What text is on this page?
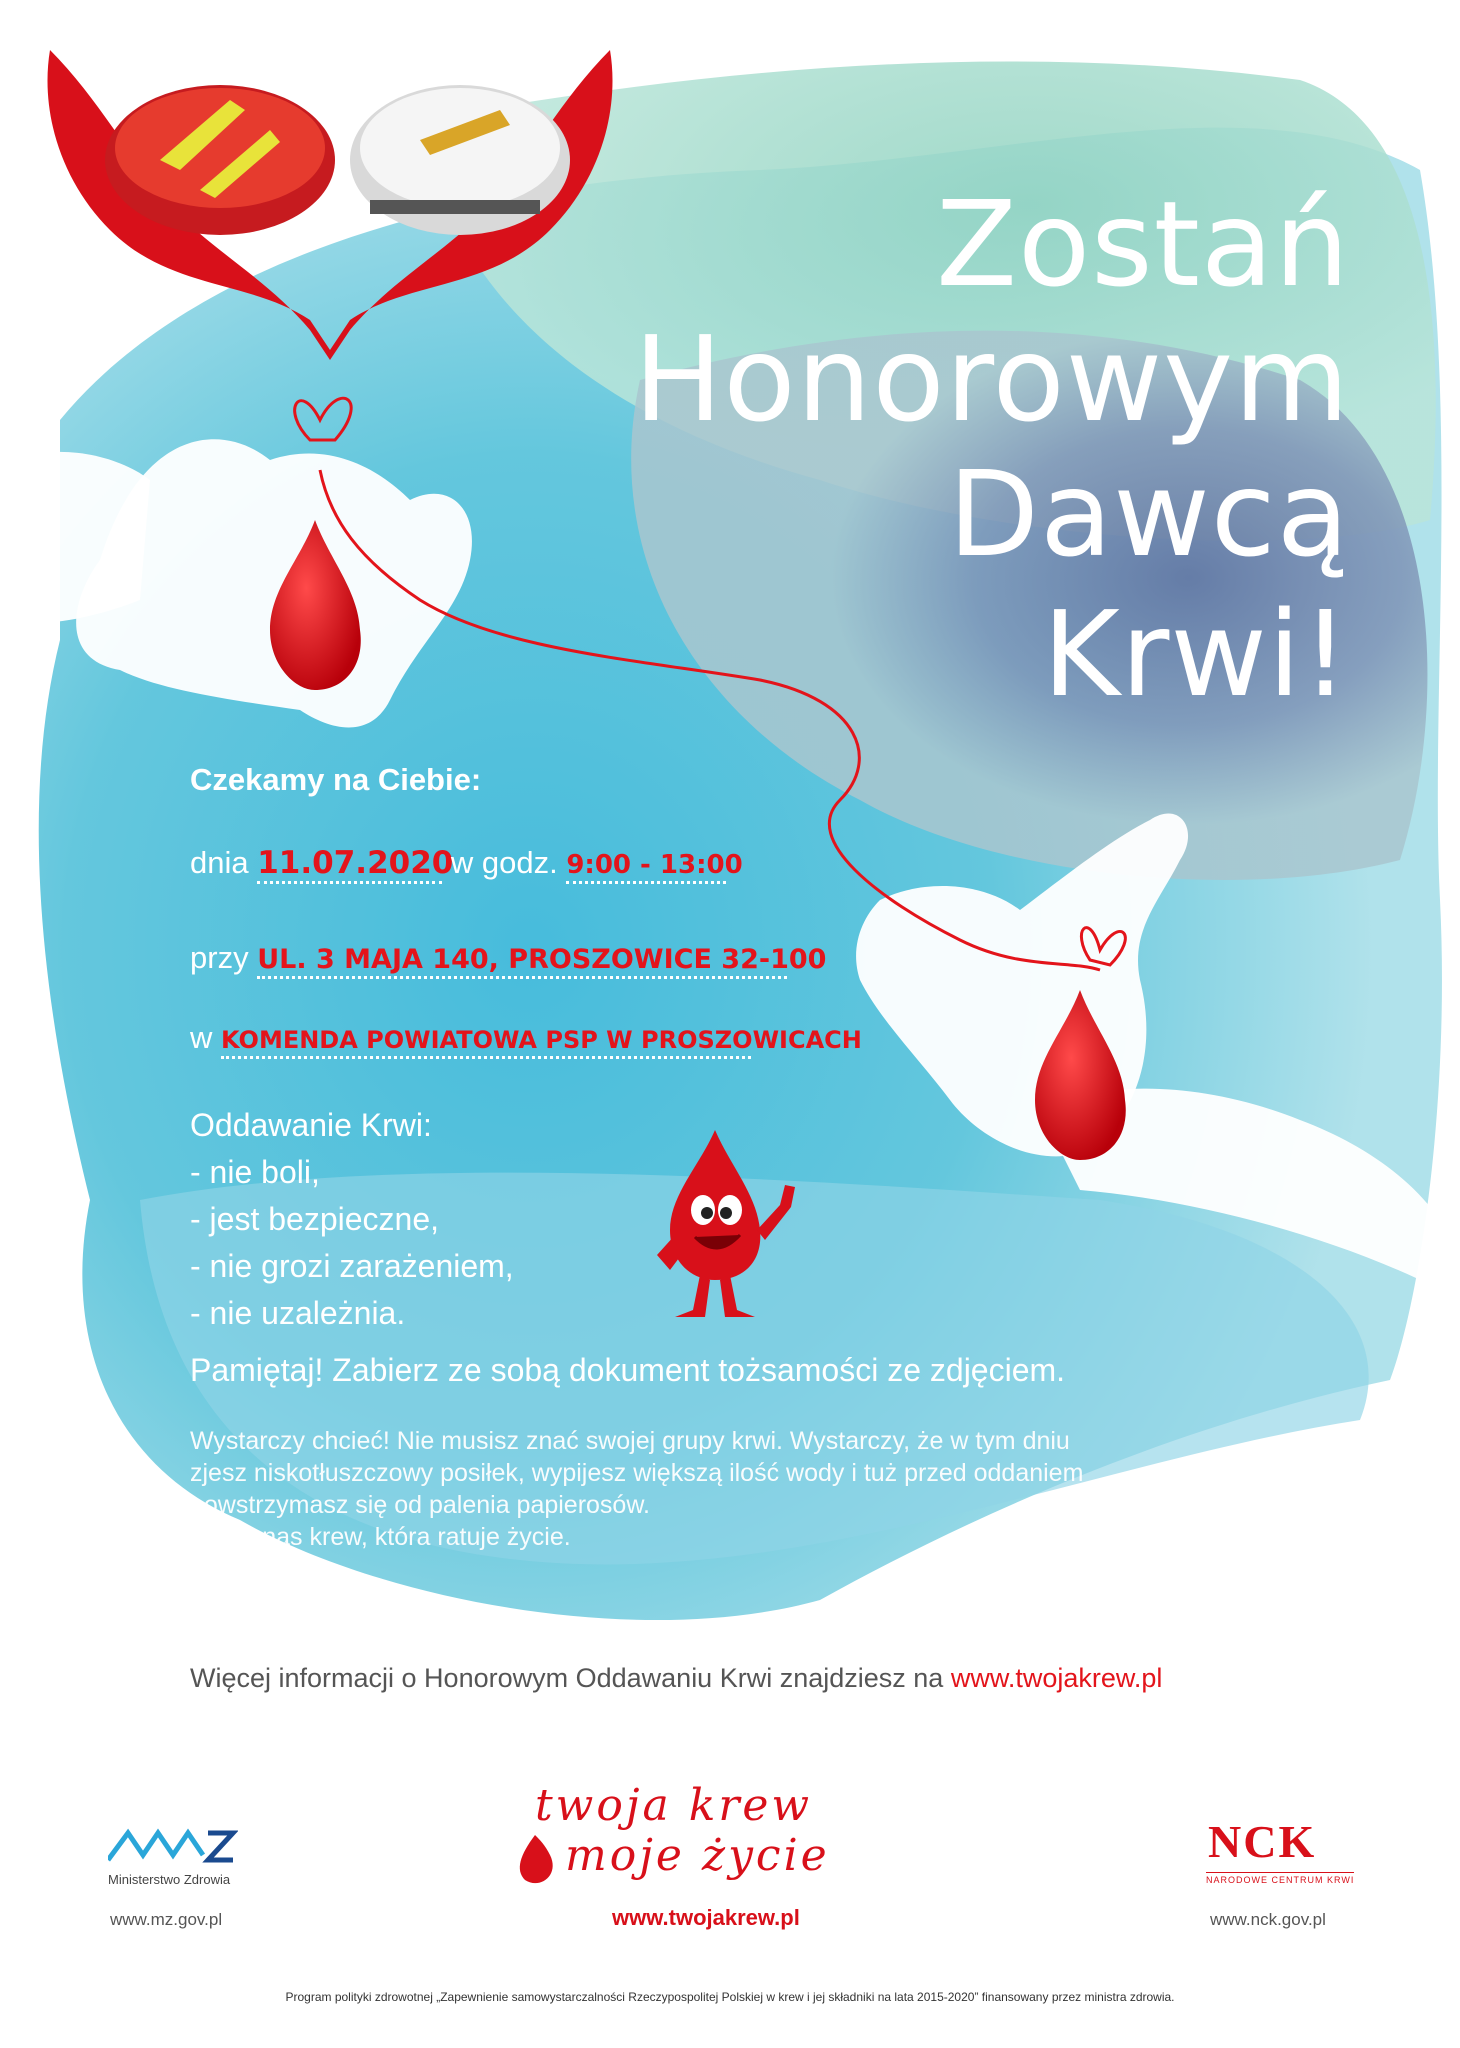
Zostań
Honorowym
Dawcą
Krwi!
Czekamy na Ciebie:
dnia 11.07.2020 w godz. 9:00 - 13:00
przy UL. 3 MAJA 140, PROSZOWICE 32-100
w KOMENDA POWIATOWA PSP W PROSZOWICACH
Oddawanie Krwi:
- nie boli,
- jest bezpieczne,
- nie grozi zarażeniem,
- nie uzależnia.
Pamiętaj! Zabierz ze sobą dokument tożsamości ze zdjęciem.
Wystarczy chcieć! Nie musisz znać swojej grupy krwi. Wystarczy, że w tym dniu
zjesz niskotłuszczowy posiłek, wypijesz większą ilość wody i tuż przed oddaniem
powstrzymasz się od palenia papierosów.
Łączy nas krew, która ratuje życie.
Więcej informacji o Honorowym Oddawaniu Krwi znajdziesz na www.twojakrew.pl
Ministerstwo Zdrowia
www.mz.gov.pl
twoja krew
moje życie
www.twojakrew.pl
NCK
NARODOWE CENTRUM KRWI
www.nck.gov.pl
Program polityki zdrowotnej „Zapewnienie samowystarczalności Rzeczypospolitej Polskiej w krew i jej składniki na lata 2015-2020” finansowany przez ministra zdrowia.
